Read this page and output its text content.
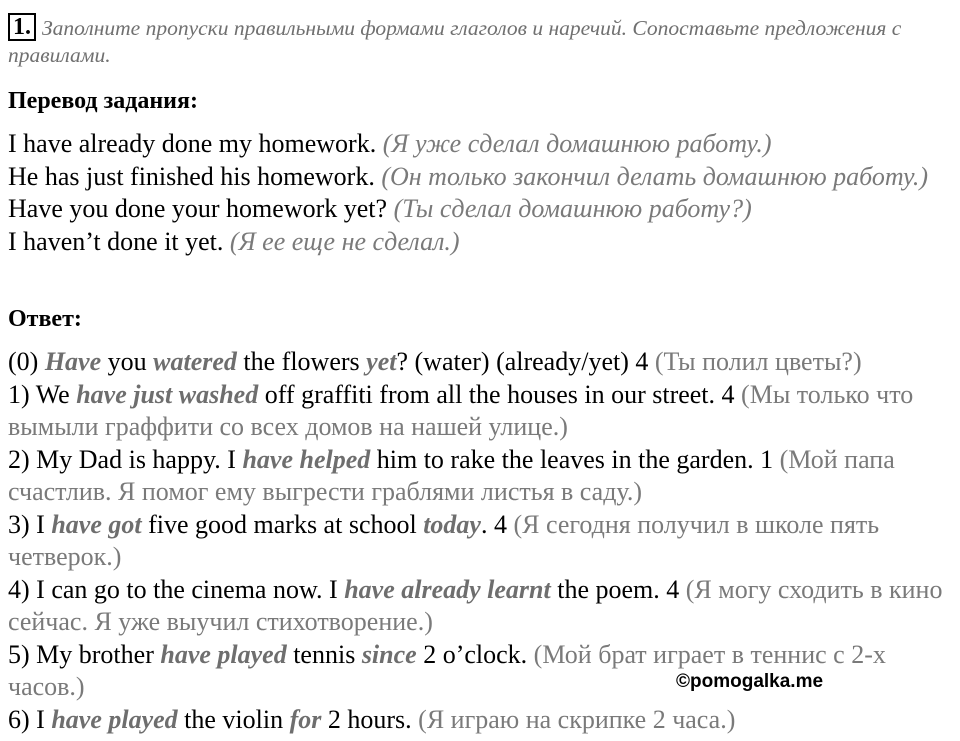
1. Заполните пропуски правильными формами глаголов и наречий. Сопоставьте предложения с правилами.
Перевод задания:

I have already done my homework. (Я уже сделал домашнюю работу.)

He has just finished his homework. (Он только закончил делать домашнюю работу.)

Have you done your homework yet? (Ты сделал домашнюю работу?)

I haven’t done it yet. (Я ее еще не сделал.)

Ответ:

(0) Have you watered the flowers yet? (water) (already/yet) 4 (Ты полил цветы?)

1) We have just washed off graffiti from all the houses in our street. 4 (Мы только что вымыли граффити со всех домов на нашей улице.)

2) My Dad is happy. I have helped him to rake the leaves in the garden. 1 (Мой папа счастлив. Я помог ему выгрести граблями листья в саду.)

3) I have got five good marks at school today. 4 (Я сегодня получил в школе пять четверок.)

4) I can go to the cinema now. I have already learnt the poem. 4 (Я могу сходить в кино сейчас. Я уже выучил стихотворение.)

5) My brother have played tennis since 2 o’clock. (Мой брат играет в теннис с 2-х часов.)

6) I have played the violin for 2 hours. (Я играю на скрипке 2 часа.)

©pomogalka.me
